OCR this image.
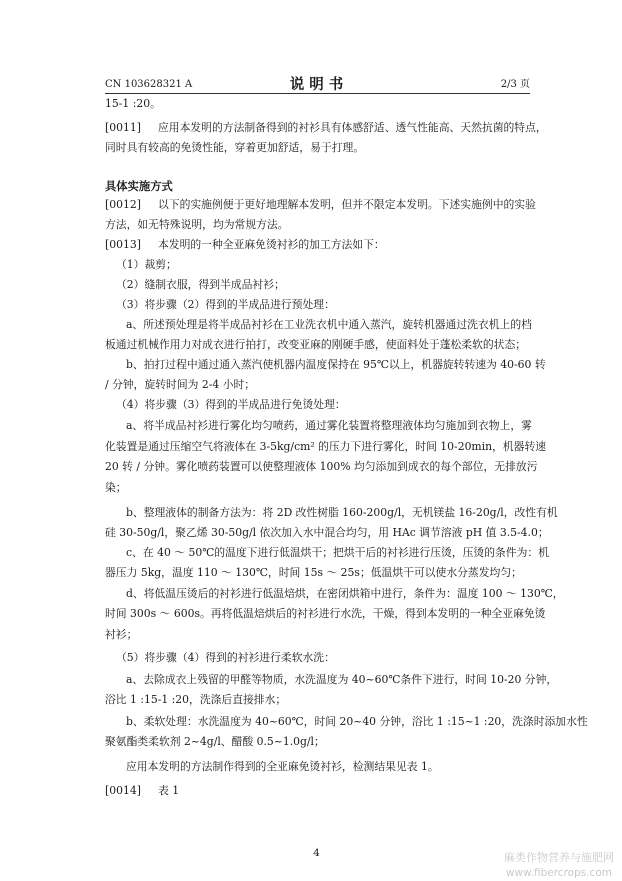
CN 103628321 A	说 明 书	2/3 页
15-1 :20。
[0011] 应用本发明的方法制备得到的衬衫具有体感舒适、透气性能高、天然抗菌的特点，
同时具有较高的免烫性能，穿着更加舒适，易于打理。
具体实施方式
[0012] 以下的实施例便于更好地理解本发明，但并不限定本发明。下述实施例中的实验
方法，如无特殊说明，均为常规方法。
[0013] 本发明的一种全亚麻免烫衬衫的加工方法如下：
（1）裁剪；
（2）缝制衣服，得到半成品衬衫；
（3）将步骤（2）得到的半成品进行预处理：
a、所述预处理是将半成品衬衫在工业洗衣机中通入蒸汽，旋转机器通过洗衣机上的档
板通过机械作用力对成衣进行拍打，改变亚麻的刚硬手感，使面料处于蓬松柔软的状态；
b、拍打过程中通过通入蒸汽使机器内温度保持在 95℃以上，机器旋转转速为 40-60 转
/ 分钟，旋转时间为 2-4 小时；
（4）将步骤（3）得到的半成品进行免烫处理：
a、将半成品衬衫进行雾化均匀喷药，通过雾化装置将整理液体均匀施加到衣物上，雾
化装置是通过压缩空气将液体在 3-5kg/cm² 的压力下进行雾化，时间 10-20min，机器转速
20 转 / 分钟。雾化喷药装置可以使整理液体 100% 均匀添加到成衣的每个部位，无排放污
染；
b、整理液体的制备方法为：将 2D 改性树脂 160-200g/l，无机镁盐 16-20g/l，改性有机
硅 30-50g/l，聚乙烯 30-50g/l 依次加入水中混合均匀，用 HAc 调节溶液 pH 值 3.5-4.0；
c、在 40 ～ 50℃的温度下进行低温烘干；把烘干后的衬衫进行压烫，压烫的条件为：机
器压力 5kg，温度 110 ～ 130℃，时间 15s ～ 25s；低温烘干可以使水分蒸发均匀；
d、将低温压烫后的衬衫进行低温焙烘，在密闭烘箱中进行，条件为：温度 100 ～ 130℃，
时间 300s ～ 600s。再将低温焙烘后的衬衫进行水洗，干燥，得到本发明的一种全亚麻免烫
衬衫；
（5）将步骤（4）得到的衬衫进行柔软水洗：
a、去除成衣上残留的甲醛等物质，水洗温度为 40~60℃条件下进行，时间 10-20 分钟，
浴比 1 :15-1 :20，洗涤后直接排水；
b、柔软处理：水洗温度为 40~60℃，时间 20~40 分钟，浴比 1 :15~1 :20，洗涤时添加水性
聚氨酯类柔软剂 2~4g/l、醋酸 0.5~1.0g/l；
应用本发明的方法制作得到的全亚麻免烫衬衫，检测结果见表 1。
[0014] 表 1
4	麻类作物营养与施肥网
www.fibercrops.com
